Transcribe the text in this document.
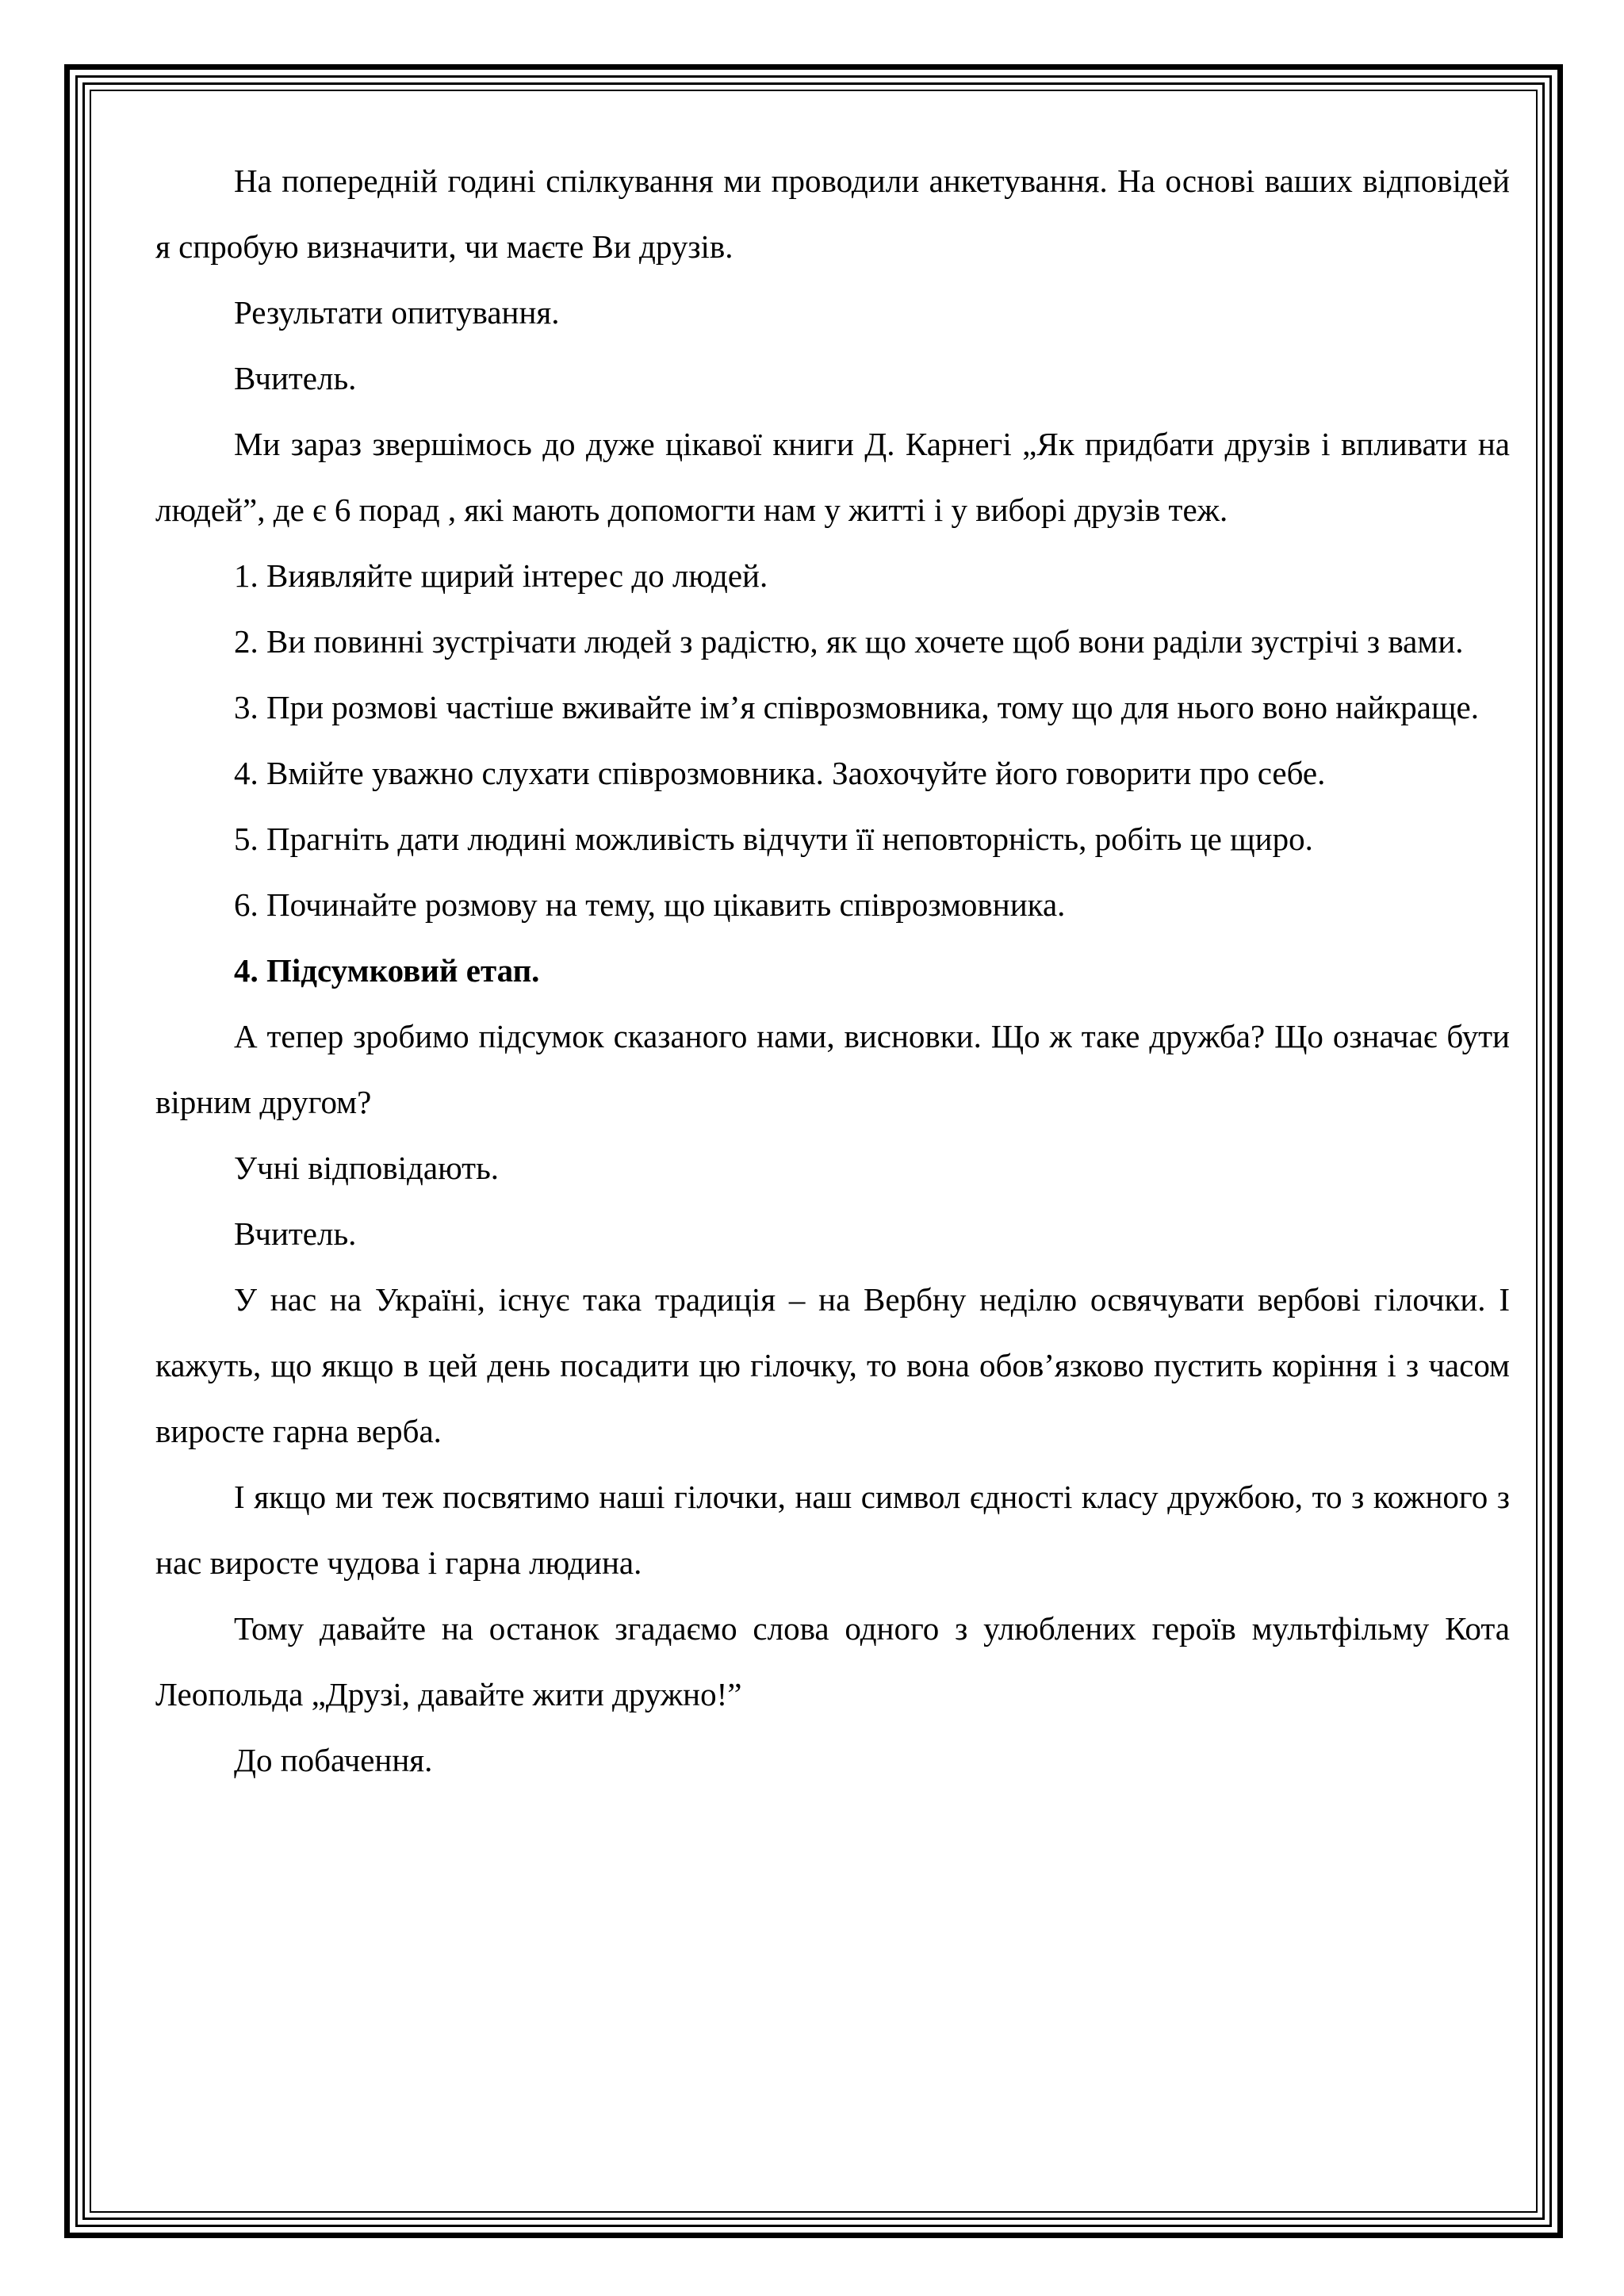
На попередній годині спілкування ми проводили анкетування. На основі ваших відповідей я спробую визначити, чи маєте Ви друзів.

Результати опитування.

Вчитель.

Ми зараз звершімось до дуже цікавої книги Д. Карнегі „Як придбати друзів і впливати на людей”, де є 6 порад , які мають допомогти нам у житті і у виборі друзів теж.

1. Виявляйте щирий інтерес до людей.

2. Ви повинні зустрічати людей з радістю, як що хочете щоб вони раділи зустрічі з вами.

3. При розмові частіше вживайте ім’я співрозмовника, тому що для нього воно найкраще.

4. Вмійте уважно слухати співрозмовника. Заохочуйте його говорити про себе.

5. Прагніть дати людині можливість відчути її неповторність, робіть це щиро.

6. Починайте розмову на тему, що цікавить співрозмовника.

4. Підсумковий етап.

А тепер зробимо підсумок сказаного нами, висновки. Що ж таке дружба? Що означає бути вірним другом?

Учні відповідають.

Вчитель.

У нас на Україні, існує така традиція – на Вербну неділю освячувати вербові гілочки. І кажуть, що якщо в цей день посадити цю гілочку, то вона обов’язково пустить коріння і з часом виросте гарна верба.

І якщо ми теж посвятимо наші гілочки, наш символ єдності класу дружбою, то з кожного з нас виросте чудова і гарна людина.

Тому давайте на останок згадаємо слова одного з улюблених героїв мультфільму Кота Леопольда „Друзі, давайте жити дружно!”

До побачення.
